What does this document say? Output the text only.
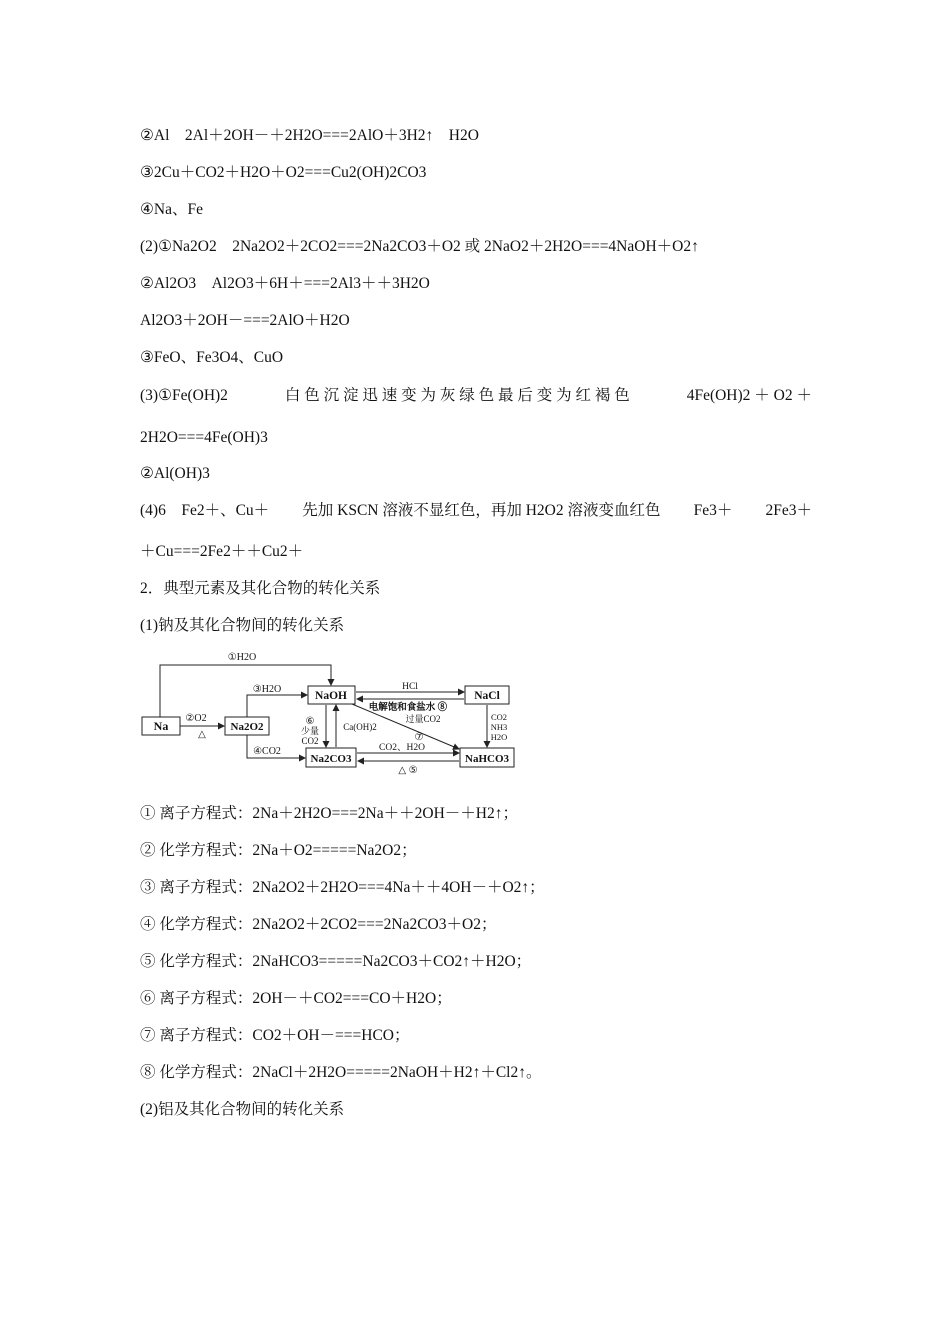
②Al　2Al＋2OH－＋2H2O===2AlO＋3H2↑　H2O
③2Cu＋CO2＋H2O＋O2===Cu2(OH)2CO3
④Na、Fe
(2)①Na2O2　2Na2O2＋2CO2===2Na2CO3＋O2 或 2NaO2＋2H2O===4NaOH＋O2↑
②Al2O3　Al2O3＋6H＋===2Al3＋＋3H2O
Al2O3＋2OH－===2AlO＋H2O
③FeO、Fe3O4、CuO
(3)①Fe(OH)2	白 色 沉 淀 迅 速 变 为 灰 绿 色 最 后 变 为 红 褐 色	4Fe(OH)2 ＋ O2 ＋
2H2O===4Fe(OH)3
②Al(OH)3
(4)6　Fe2＋、Cu＋ 先加 KSCN 溶液不显红色，再加 H2O2 溶液变血红色 Fe3＋ 2Fe3＋
＋Cu===2Fe2＋＋Cu2＋
2．典型元素及其化合物的转化关系
(1)钠及其化合物间的转化关系
Na	Na2O2
NaOH	NaCl
Na2CO3	NaHCO3
①H2O
②O2
△
③H2O
④CO2
HCl
电解饱和食盐水 ⑧
过量CO2
⑦
⑥
少量
CO2
Ca(OH)2
CO2
NH3
H2O
CO2、H2O
△ ⑤
① 离子方程式：2Na＋2H2O===2Na＋＋2OH－＋H2↑；
② 化学方程式：2Na＋O2=====Na2O2；
③ 离子方程式：2Na2O2＋2H2O===4Na＋＋4OH－＋O2↑；
④ 化学方程式：2Na2O2＋2CO2===2Na2CO3＋O2；
⑤ 化学方程式：2NaHCO3=====Na2CO3＋CO2↑＋H2O；
⑥ 离子方程式：2OH－＋CO2===CO＋H2O；
⑦ 离子方程式：CO2＋OH－===HCO；
⑧ 化学方程式：2NaCl＋2H2O=====2NaOH＋H2↑＋Cl2↑。
(2)铝及其化合物间的转化关系
